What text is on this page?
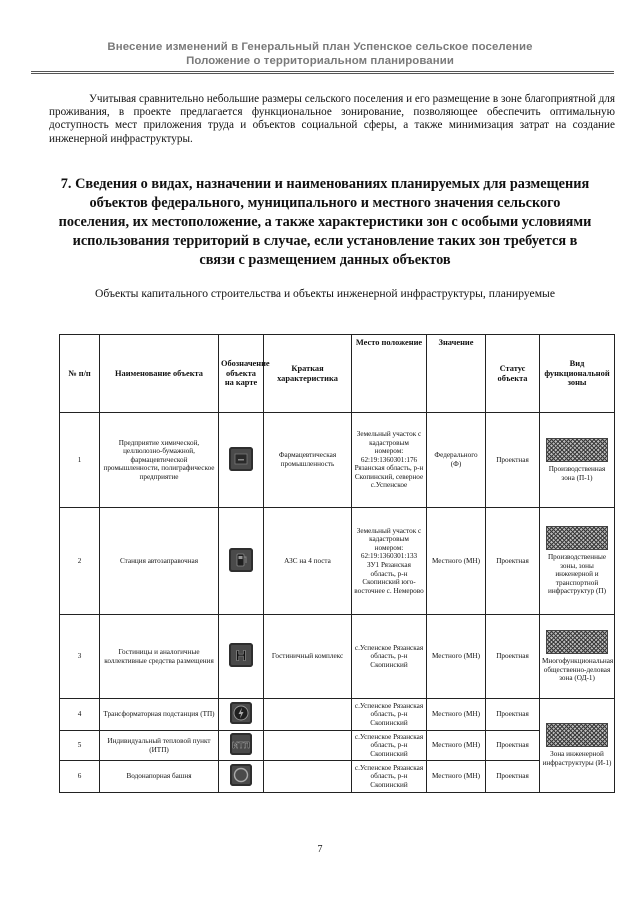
Внесение изменений в Генеральный план Успенское сельское поселение
Положение о территориальном планировании

Учитывая сравнительно небольшие размеры сельского поселения и его размещение в зоне благоприятной для проживания, в проекте предлагается функциональное зонирование, позволяющее обеспечить оптимальную доступность мест приложения труда и объектов социальной сферы, а также минимизация затрат на создание инженерной инфраструктуры.

7. Сведения о видах, назначении и наименованиях планируемых для размещения объектов федерального, муниципального и местного значения сельского поселения, их местоположение, а также характеристики зон с особыми условиями использования территорий в случае, если установление таких зон требуется в связи с размещением данных объектов
Объекты капитального строительства и объекты инженерной инфраструктуры, планируемые
№ п/п	Наименование объекта	Обозначение объекта на карте	Краткая характеристика	Место положение	Значение	Статус объекта	Вид функциональной зоны
1	Предприятие химической, целлюлозно-бумажной, фармацевтической промышленности, полиграфическое предприятие		Фармацевтическая промышленность	Земельный участок с кадастровым номером: 62:19:1360301:176 Рязанская область, р-н Скопинский, северное с.Успенское	Федерального (Ф)	Проектная	Производственная зона (П-1)
2	Станция автозаправочная		АЗС на 4 поста	Земельный участок с кадастровым номером: 62:19:1360301:133 ЗУ1 Рязанская область, р-н Скопинский юго-восточнее с. Немерово	Местного (МН)	Проектная	Производственные зоны, зоны инженерной и транспортной инфраструктур (П)
3	Гостиницы и аналогичные коллективные средства размещения	H	Гостиничный комплекс	с.Успенское Рязанская область, р-н Скопинский	Местного (МН)	Проектная	Многофункциональная общественно-деловая зона (ОД-1)
4	Трансформаторная подстанция (ТП)			с.Успенское Рязанская область, р-н Скопинский	Местного (МН)	Проектная	Зона инженерной инфраструктуры (И-1)
5	Индивидуальный тепловой пункт (ИТП)	ИТП		с.Успенское Рязанская область, р-н Скопинский	Местного (МН)	Проектная	
6	Водонапорная башня			с.Успенское Рязанская область, р-н Скопинский	Местного (МН)	Проектная	
7
